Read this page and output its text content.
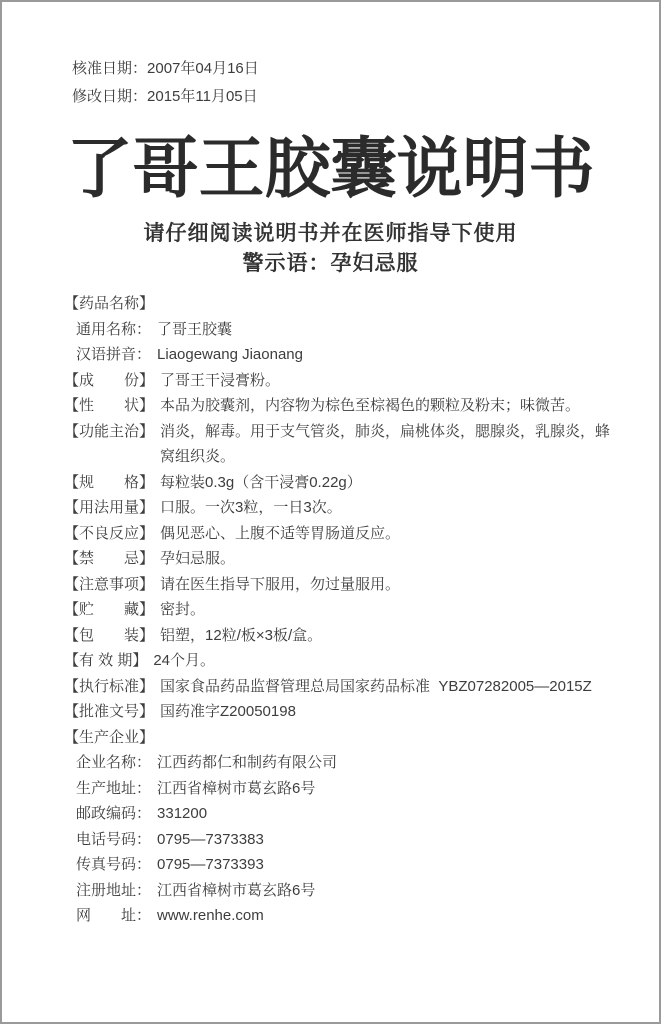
核准日期：2007年04月16日
修改日期：2015年11月05日
了哥王胶囊说明书
请仔细阅读说明书并在医师指导下使用
警示语：孕妇忌服
【药品名称】
通用名称： 了哥王胶囊
汉语拼音： Liaogewang Jiaonang
【成　　份】 了哥王干浸膏粉。
【性　　状】 本品为胶囊剂，内容物为棕色至棕褐色的颗粒及粉末；味微苦。
【功能主治】 消炎，解毒。用于支气管炎，肺炎，扁桃体炎，腮腺炎，乳腺炎，蜂窝组织炎。
【规　　格】 每粒装0.3g（含干浸膏0.22g）
【用法用量】 口服。一次3粒，一日3次。
【不良反应】 偶见恶心、上腹不适等胃肠道反应。
【禁　　忌】 孕妇忌服。
【注意事项】 请在医生指导下服用，勿过量服用。
【贮　　藏】 密封。
【包　　装】 铝塑，12粒/板×3板/盒。
【有 效 期】 24个月。
【执行标准】 国家食品药品监督管理总局国家药品标准  YBZ07282005—2015Z
【批准文号】 国药准字Z20050198
【生产企业】
企业名称： 江西药都仁和制药有限公司
生产地址： 江西省樟树市葛玄路6号
邮政编码： 331200
电话号码： 0795—7373383
传真号码： 0795—7373393
注册地址： 江西省樟树市葛玄路6号
网　　址： www.renhe.com
